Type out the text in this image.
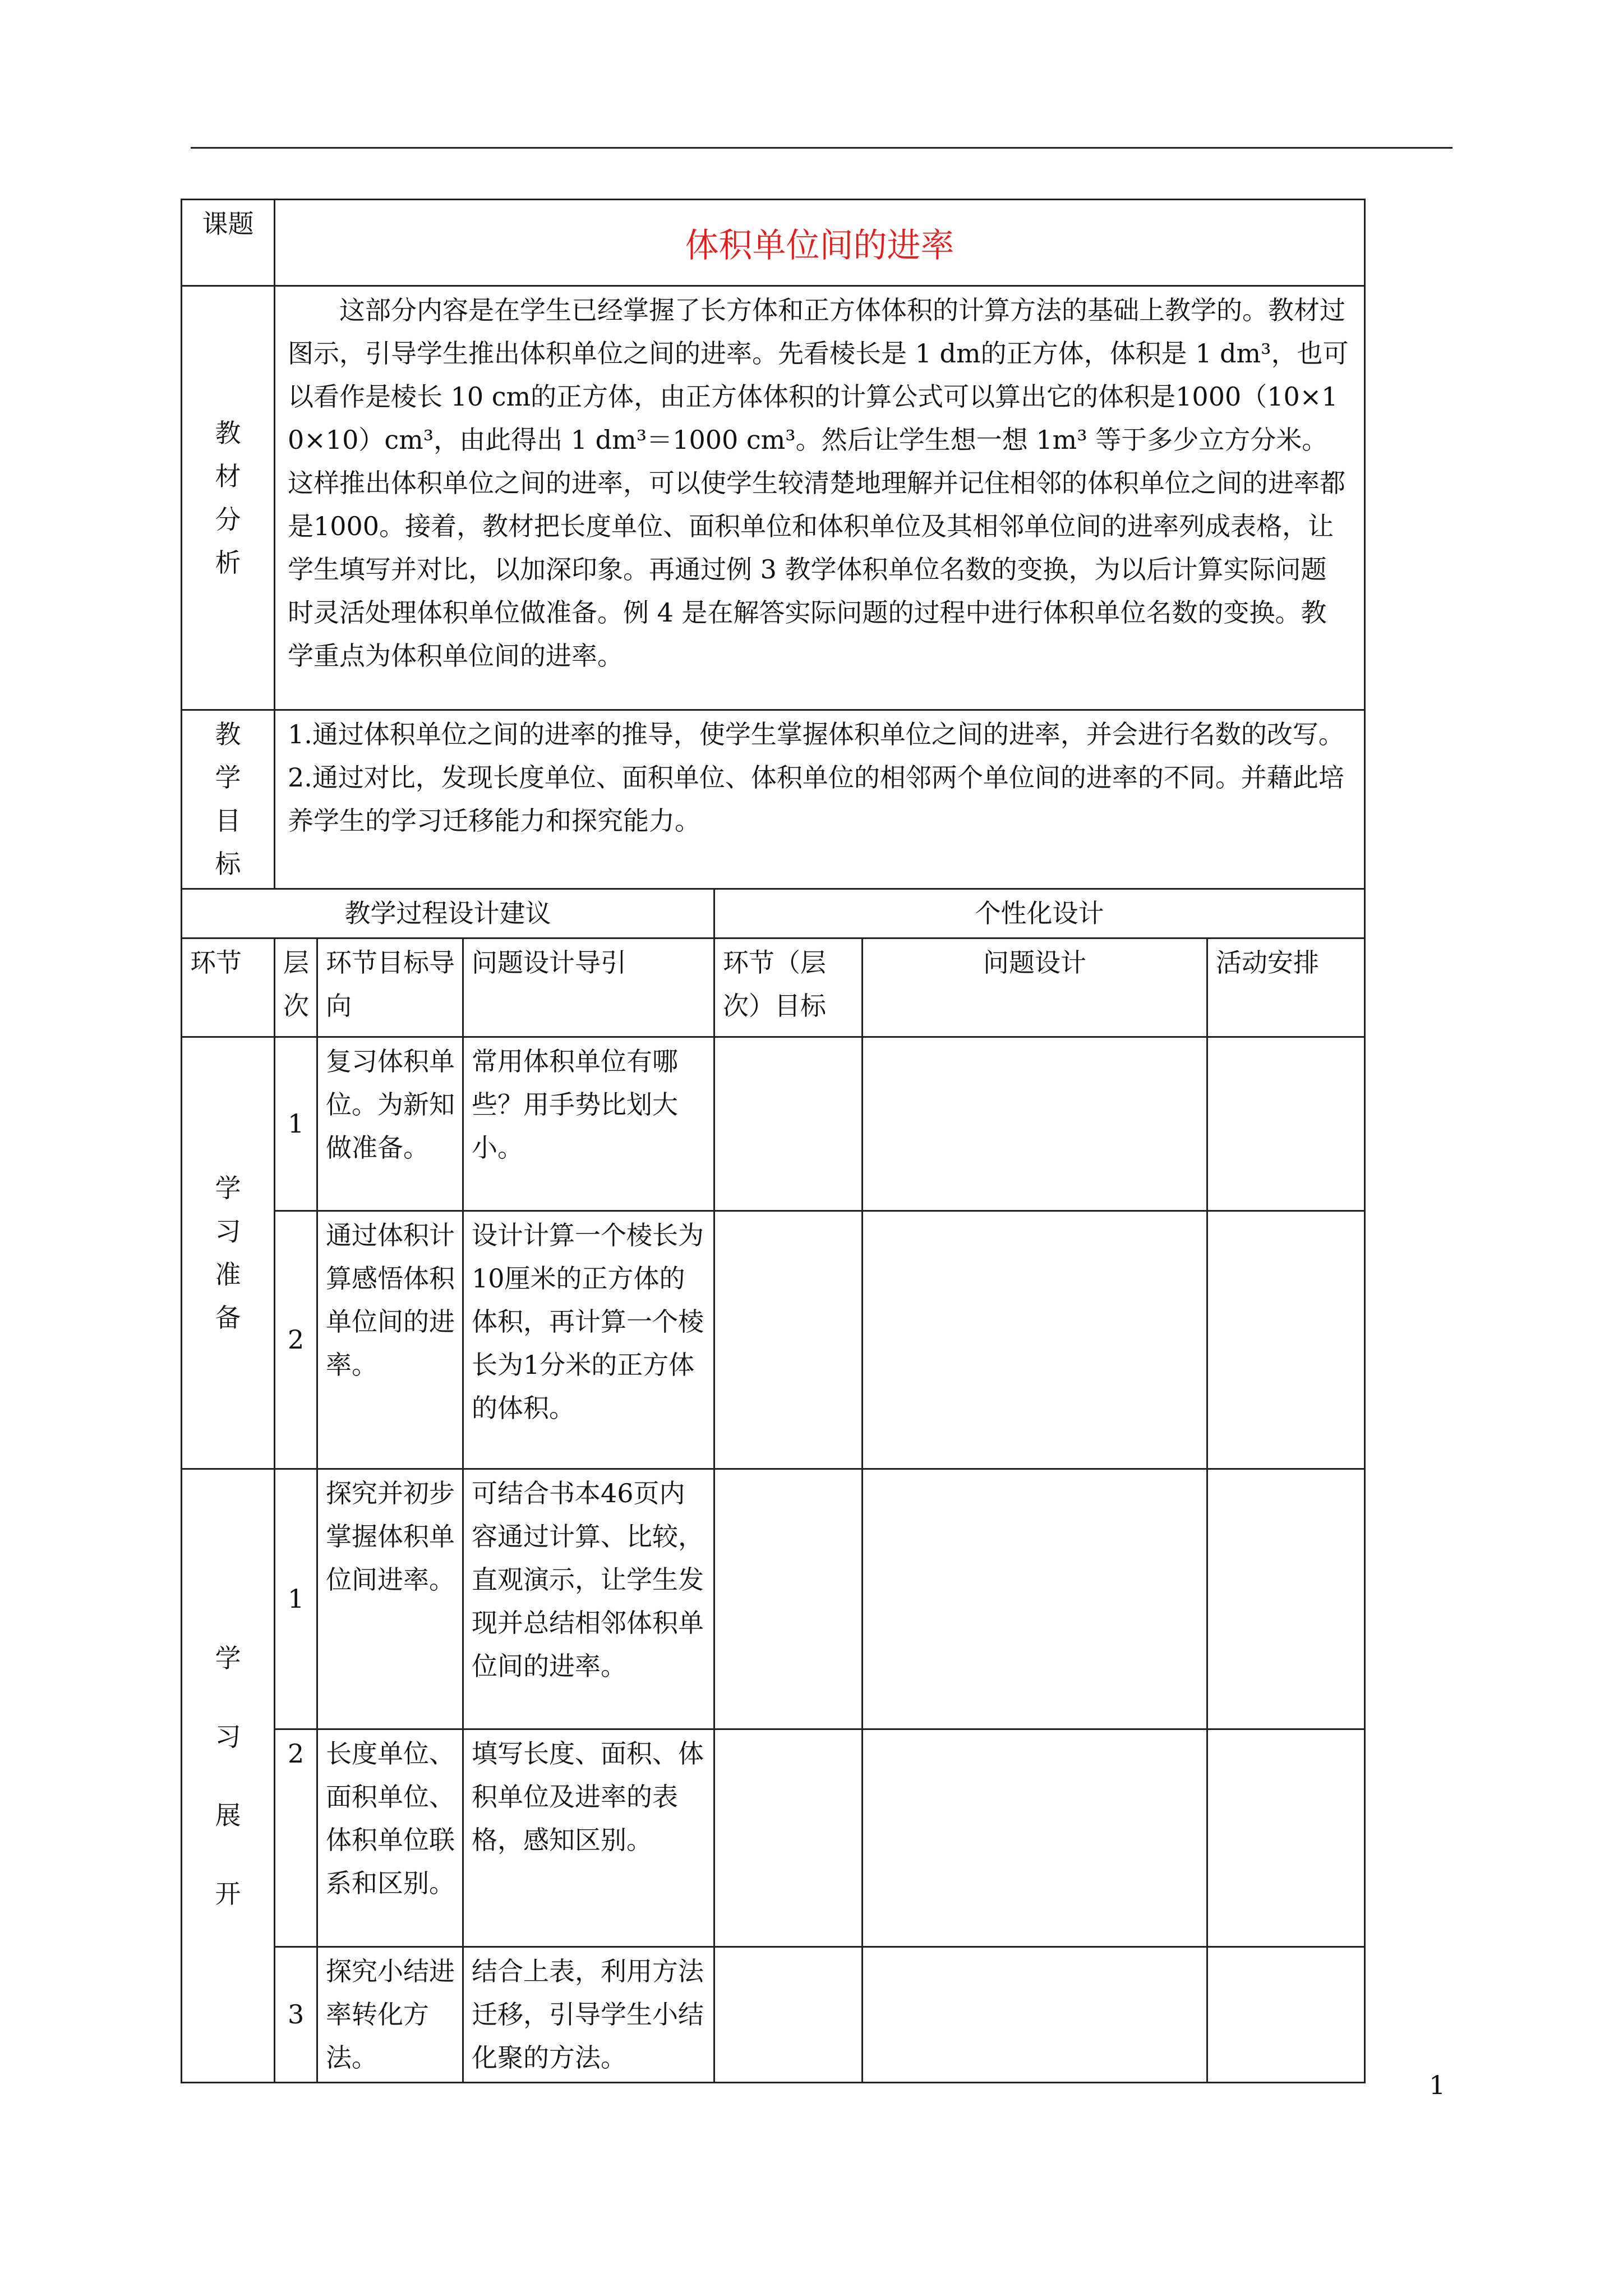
课题	体积单位间的进率					

教材分析	这部分内容是在学生已经掌握了长方体和正方体体积的计算方法的基础上教学的。教材过图示，引导学生推出体积单位之间的进率。先看棱长是 1 dm的正方体，体积是 1 dm³，也可以看作是棱长 10 cm的正方体，由正方体体积的计算公式可以算出它的体积是1000（10×10×10）cm³，由此得出 1 dm³＝1000 cm³。然后让学生想一想 1m³ 等于多少立方分米。这样推出体积单位之间的进率，可以使学生较清楚地理解并记住相邻的体积单位之间的进率都是1000。接着，教材把长度单位、面积单位和体积单位及其相邻单位间的进率列成表格，让学生填写并对比，以加深印象。再通过例 3 教学体积单位名数的变换，为以后计算实际问题时灵活处理体积单位做准备。例 4 是在解答实际问题的过程中进行体积单位名数的变换。教学重点为体积单位间的进率。					

教学目标	1.通过体积单位之间的进率的推导，使学生掌握体积单位之间的进率，并会进行名数的改写。
2.通过对比，发现长度单位、面积单位、体积单位的相邻两个单位间的进率的不同。并藉此培养学生的学习迁移能力和探究能力。					

教学过程设计建议				个性化设计		
环节	层次	环节目标导向	问题设计导引	环节（层次）目标	问题设计	活动安排

学习准备	1	复习体积单位。为新知做准备。	常用体积单位有哪些？用手势比划大小。			
	2	通过体积计算感悟体积单位间的进率。	设计计算一个棱长为10厘米的正方体的体积，再计算一个棱长为1分米的正方体的体积。			

学习展开	1	探究并初步掌握体积单位间进率。	可结合书本46页内容通过计算、比较，直观演示，让学生发现并总结相邻体积单位间的进率。			
	2	长度单位、面积单位、体积单位联系和区别。	填写长度、面积、体积单位及进率的表格，感知区别。			
	3	探究小结进率转化方法。	结合上表，利用方法迁移，引导学生小结化聚的方法。			
1
